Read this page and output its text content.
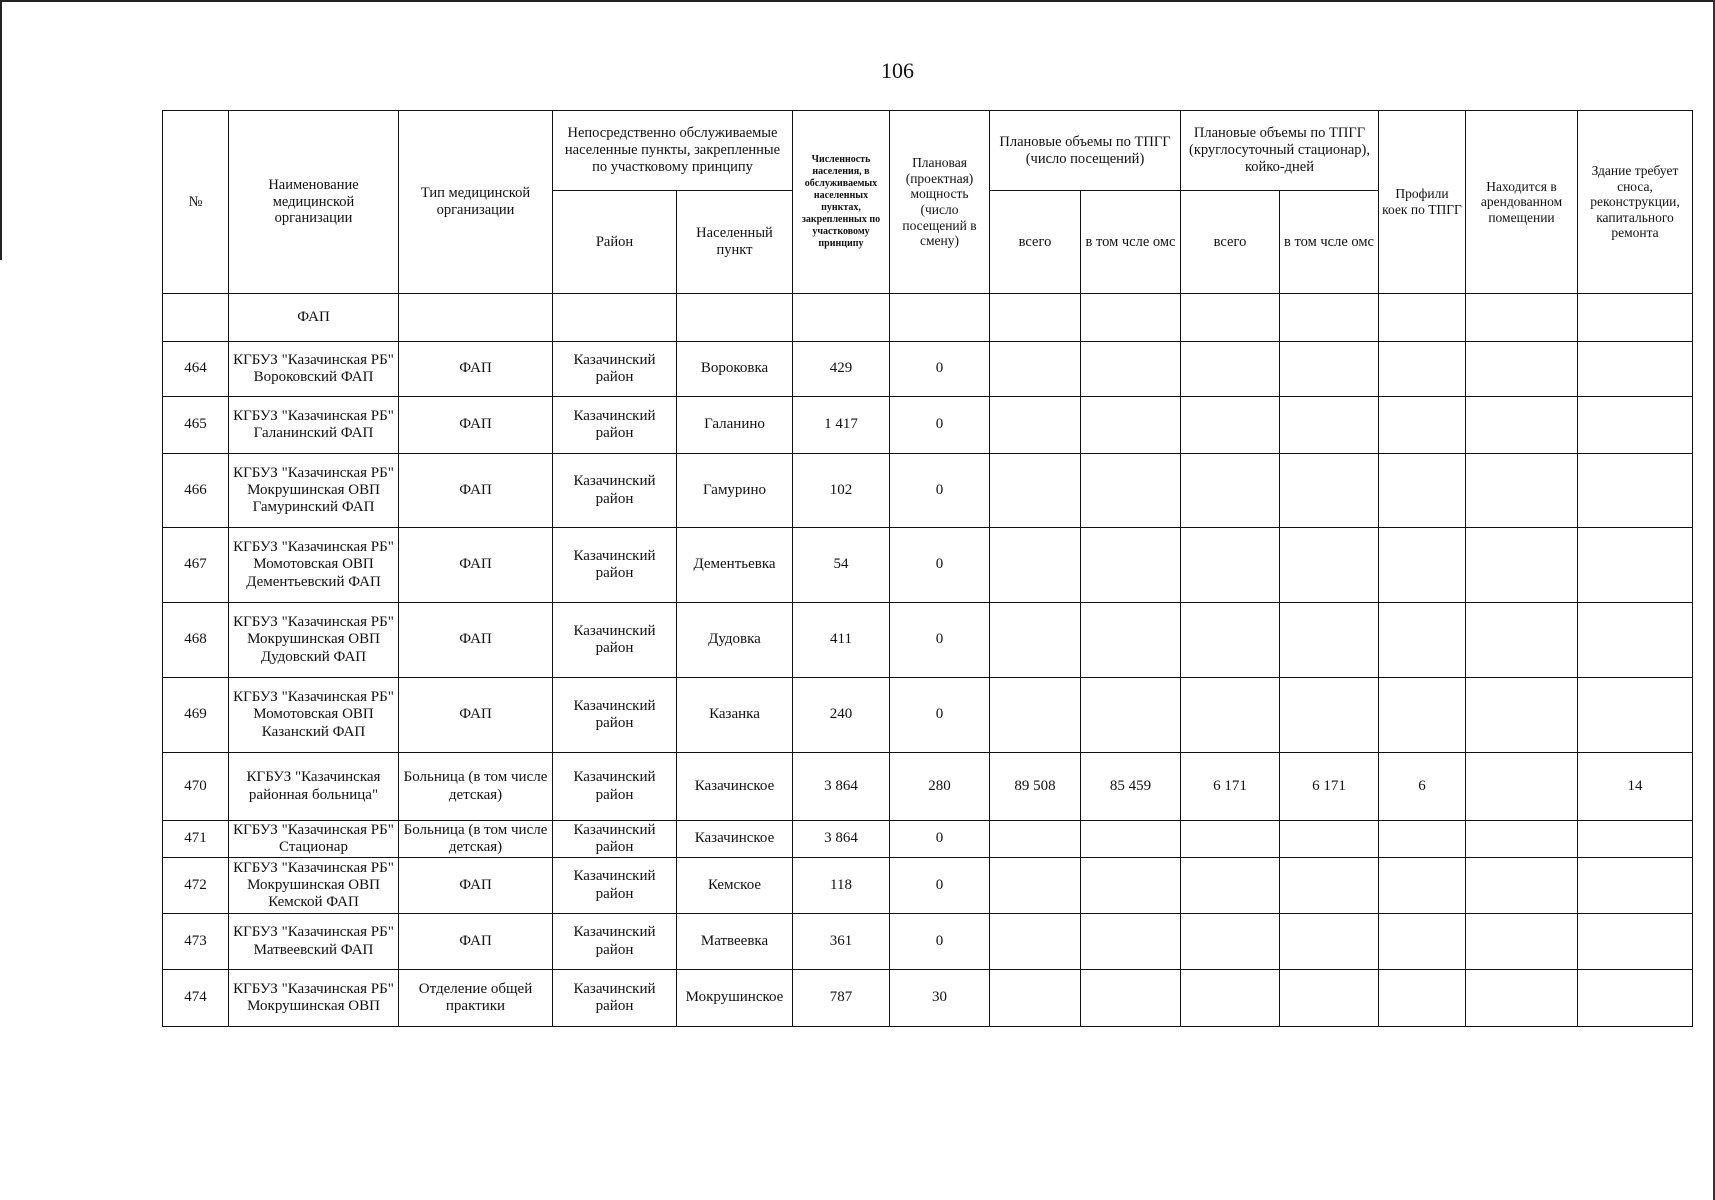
106
№	Наименование медицинской организации	Тип медицинской организации	Непосредственно обслуживаемые населенные пункты, закрепленные по участковому принципу		Численность населения, в обслуживаемых населенных пунктах, закрепленных по участковому принципу	Плановая (проектная) мощность (число посещений в смену)	Плановые объемы по ТПГГ (число посещений)		Плановые объемы по ТПГГ (круглосуточный стационар), койко-дней		Профили коек по ТПГГ	Находится в арендованном помещении	Здание требует сноса, реконструкции, капитального ремонта
			Район	Населенный пункт			всего	в том чсле омс	всего	в том чсле омс			
	ФАП												
464	КГБУЗ "Казачинская РБ" Вороковский ФАП	ФАП	Казачинский район	Вороковка	429	0							
465	КГБУЗ "Казачинская РБ" Галанинский ФАП	ФАП	Казачинский район	Галанино	1 417	0							
466	КГБУЗ "Казачинская РБ" Мокрушинская ОВП Гамуринский ФАП	ФАП	Казачинский район	Гамурино	102	0							
467	КГБУЗ "Казачинская РБ" Момотовская ОВП Дементьевский ФАП	ФАП	Казачинский район	Дементьевка	54	0							
468	КГБУЗ "Казачинская РБ" Мокрушинская ОВП Дудовский ФАП	ФАП	Казачинский район	Дудовка	411	0							
469	КГБУЗ "Казачинская РБ" Момотовская ОВП Казанский ФАП	ФАП	Казачинский район	Казанка	240	0							
470	КГБУЗ "Казачинская районная больница"	Больница (в том числе детская)	Казачинский район	Казачинское	3 864	280	89 508	85 459	6 171	6 171	6		14
471	КГБУЗ "Казачинская РБ" Стационар	Больница (в том числе детская)	Казачинский район	Казачинское	3 864	0							
472	КГБУЗ "Казачинская РБ" Мокрушинская ОВП Кемской ФАП	ФАП	Казачинский район	Кемское	118	0							
473	КГБУЗ "Казачинская РБ" Матвеевский ФАП	ФАП	Казачинский район	Матвеевка	361	0							
474	КГБУЗ "Казачинская РБ" Мокрушинская ОВП	Отделение общей практики	Казачинский район	Мокрушинское	787	30							
